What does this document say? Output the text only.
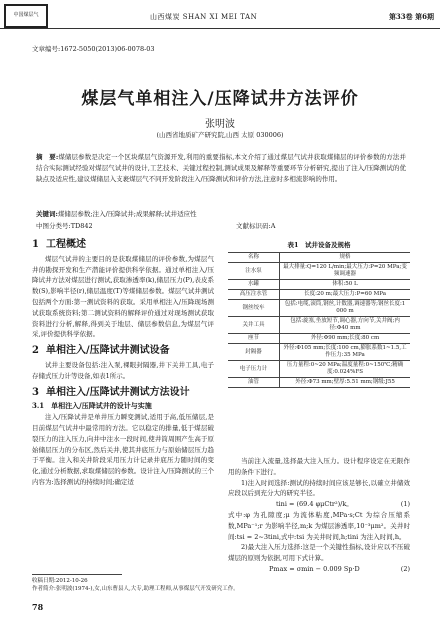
中国煤层气	山西煤炭 SHAN XI MEI TAN	第33卷 第6期
文章编号:1672-5050(2013)06-0078-03
煤层气单相注入/压降试井方法评价
张明波
(山西省地质矿产研究院,山西 太原 030006)
摘　要:煤储层参数是决定一个区块煤层气资源开发,利用的重要指标,本文介绍了通过煤层气试井获取煤储层的评价参数的方法并结合实际测试经验对煤层气试井的设计,工艺技术、关键过程控制,测试成果及解释等重要环节分析研究,提出了注入/压降测试的优缺点及适应性,建议煤储层入支裹煤层气不同开发阶段注入/压降测试和评价方法,注意时多相流影响的作用。
关键词:煤储层参数;注入/压降试井;成果解释;试井适应性
中图分类号:TD842	文献标识码:A
1 工程概述

煤层气试井的主要目的是获取煤储层的评价参数,为煤层气井的勘探开发和生产潜能评价提供科学依据。通过单相注入/压降试井方法对煤层进行测试,获取渗透率(k),储层压力(P),表皮系数(S),影响半径(r),储层温度(T)等煤储层参数。煤层气试井测试包括两个方面:第一测试资料的获取。采用单相注入/压降现场测试获取系统资料;第二测试资料的解释评价通过对现场测试获取资料进行分析,解释,得到关于地层、储层参数信息,为煤层气评采,评价提供科学依据。

2 单相注入/压降试井测试设备

试井主要设备包括:注入泵,裸眼封隔器,井下关井工具,电子存储式压力计等设备,如表1所示。

3 单相注入/压降试井测试方法设计
3.1　单相注入/压降试井的设计与实施

注入/压降试井是单井压力瞬变测试,适用于高,低压储层,是目前煤层气试井中最常用的方法。它以稳定的排量,低于煤层破裂压力的注入压力,向井中注水一段时间,使井筒周围产生高于原始储层压力的分布区,然后关井,使其井底压力与原始储层压力趋于平衡。注入和关井阶段采用压力计记录井底压力随时间的变化,通过分析数据,求取煤储层的参数。设计注入/压降测试的三个内容为:选择测试的持续时间;确定适

表1　试井设备及规格
名称	规格
注水泵	最大排量:Q=120 L/min;最大压力:P=20 MPa;变频调速器
水罐	体积:50 L
高压注水管	长度:20 m;最大压力:P=60 MPa
钢丝绞车	包括:电缆,滚筒,钢丝,计数器,调速器等;钢丝长度:1 000 m
关井工具	包括:旋塞,坐放短节,调心器,方向节,关井阀;内径:Φ40 mm
座节	外径:Φ90 mm;长度:80 cm
封隔器	外径:Φ105 mm;长度:100 cm,膨胀系数1~1.5,工作压力:35 MPa
电子压力计	压力量程:0~20 MPa;温度量程:0~150℃;精确度:0.024%FS
油管	外径:Φ73 mm;壁厚:5.51 mm;钢级:J55

当前注入流量,选择最大注入压力。设计程序设定在无限作用的条件下进行。

1)注入时间选择:测试的持续时间应该足够长,以確立井储效应段以后到充分大的研究半径。

tini = (69.4 φμCtr²)/k。	(1)

式中:φ 为孔隙度;μ 为流体粘度,MPa·s;Ct 为综合压缩系数,MPa⁻¹;r 为影响半径,m;k 为煤层渗透率,10⁻³μm²。关井时间:tsi = 2~3tini,式中:tsi 为关井时间,h;tini 为注入时间,h。

2)最大注入压力选择:这是一个关键性指标,设计应以不压破煤层的原则为依据,可用下式计算。

Pmax = σmin − 0.009 Sp·D	(2)
收稿日期:2012-10-26
作者简介:张明波(1974-),女,山东曹县人,大专,助理工程师,从事煤层气开发研究工作。
78
